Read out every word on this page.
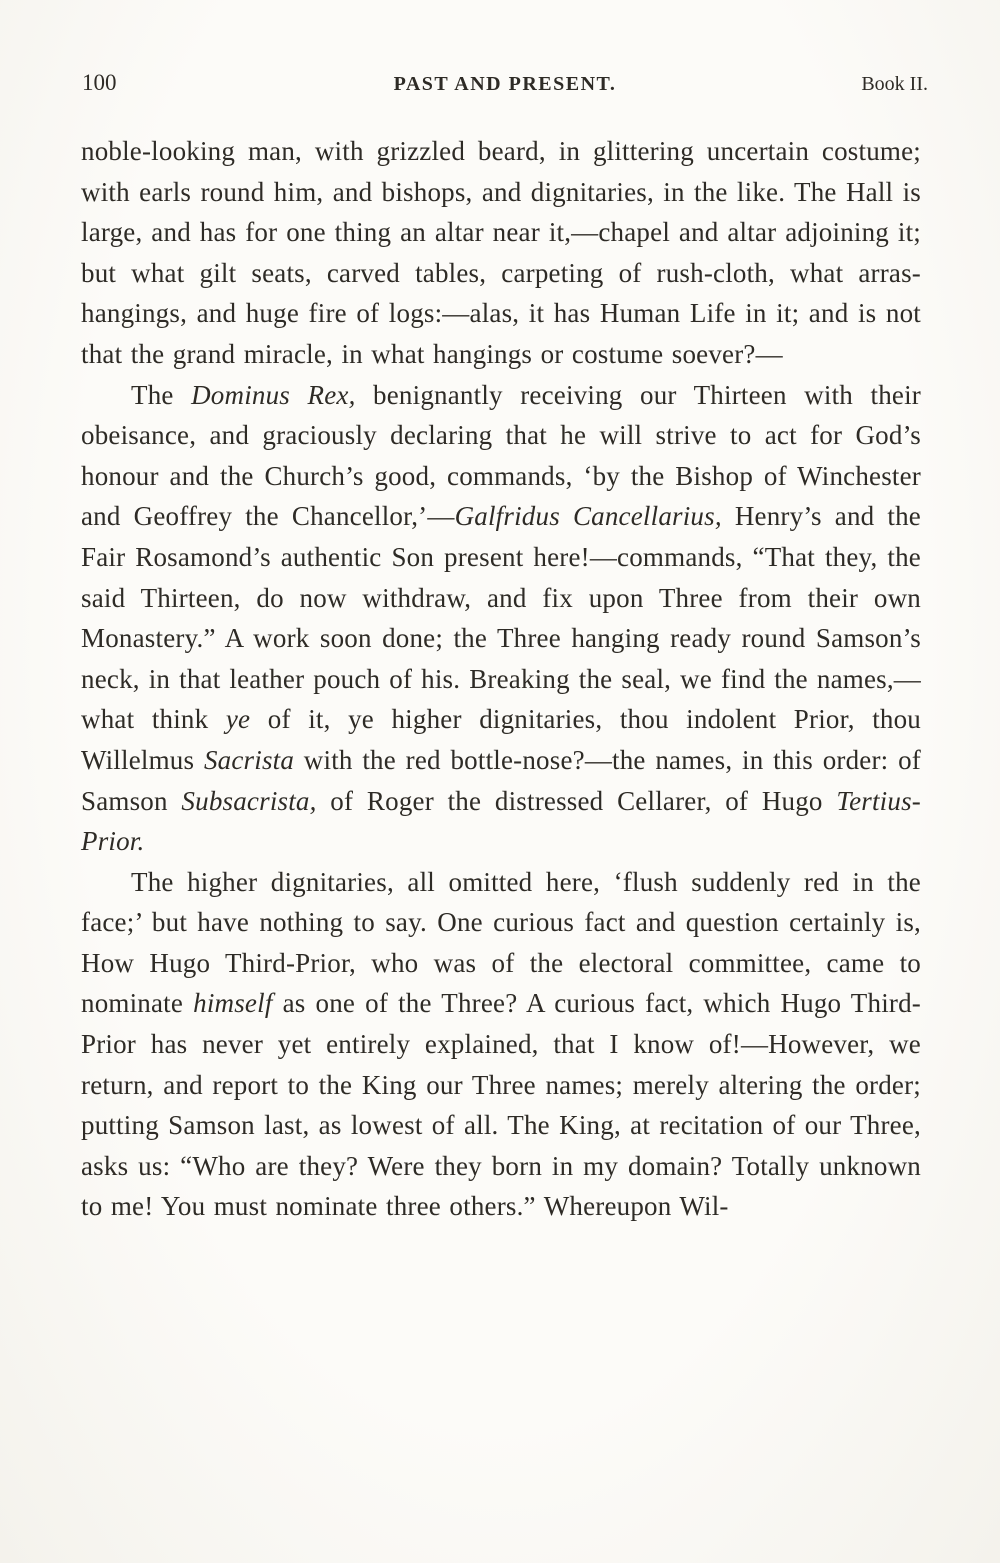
100	PAST AND PRESENT.	Book II.

noble-looking man, with grizzled beard, in glittering uncertain costume; with earls round him, and bishops, and dignitaries, in the like. The Hall is large, and has for one thing an altar near it,—chapel and altar adjoining it; but what gilt seats, carved tables, carpeting of rush-cloth, what arras-hangings, and huge fire of logs:—alas, it has Human Life in it; and is not that the grand miracle, in what hangings or costume soever?—

The Dominus Rex, benignantly receiving our Thirteen with their obeisance, and graciously declaring that he will strive to act for God’s honour and the Church’s good, commands, ‘by the Bishop of Winchester and Geoffrey the Chancellor,’—Galfridus Cancellarius, Henry’s and the Fair Rosamond’s authentic Son present here!—commands, “That they, the said Thirteen, do now withdraw, and fix upon Three from their own Monastery.” A work soon done; the Three hanging ready round Samson’s neck, in that leather pouch of his. Breaking the seal, we find the names,—what think ye of it, ye higher dignitaries, thou indolent Prior, thou Willelmus Sacrista with the red bottle-nose?—the names, in this order: of Samson Subsacrista, of Roger the distressed Cellarer, of Hugo Tertius-Prior.

The higher dignitaries, all omitted here, ‘flush suddenly red in the face;’ but have nothing to say. One curious fact and question certainly is, How Hugo Third-Prior, who was of the electoral committee, came to nominate himself as one of the Three? A curious fact, which Hugo Third-Prior has never yet entirely explained, that I know of!—However, we return, and report to the King our Three names; merely altering the order; putting Samson last, as lowest of all. The King, at recitation of our Three, asks us: “Who are they? Were they born in my domain? Totally unknown to me! You must nominate three others.” Whereupon Wil-
